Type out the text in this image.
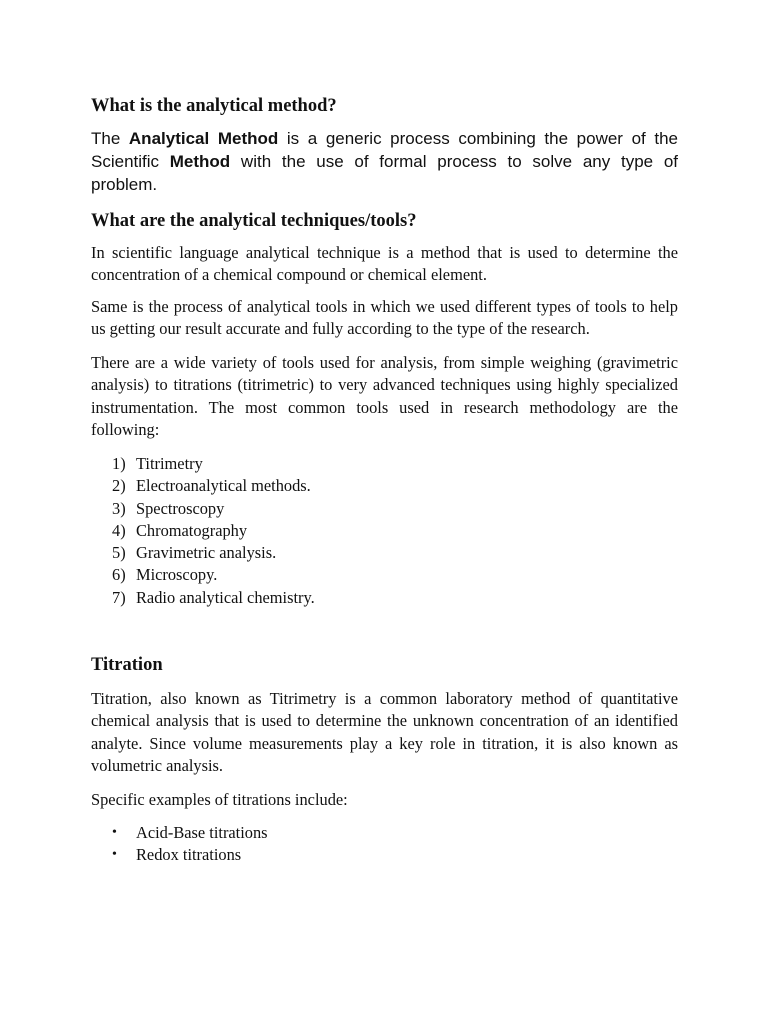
What is the analytical method?

The Analytical Method is a generic process combining the power of the
Scientific Method with the use of formal process to solve any type of
problem.

What are the analytical techniques/tools?

In scientific language analytical technique is a method that is used to determine the concentration of a chemical compound or chemical element.

Same is the process of analytical tools in which we used different types of tools to help us getting our result accurate and fully according to the type of the research.

There are a wide variety of tools used for analysis, from simple weighing (gravimetric analysis) to titrations (titrimetric) to very advanced techniques using highly specialized instrumentation. The most common tools used in research methodology are the following:

1) Titrimetry
2) Electroanalytical methods.
3) Spectroscopy
4) Chromatography
5) Gravimetric analysis.
6) Microscopy.
7) Radio analytical chemistry.
Titration

Titration, also known as Titrimetry is a common laboratory method of quantitative chemical analysis that is used to determine the unknown concentration of an identified analyte. Since volume measurements play a key role in titration, it is also known as volumetric analysis.

Specific examples of titrations include:

•	Acid-Base titrations
•	Redox titrations
